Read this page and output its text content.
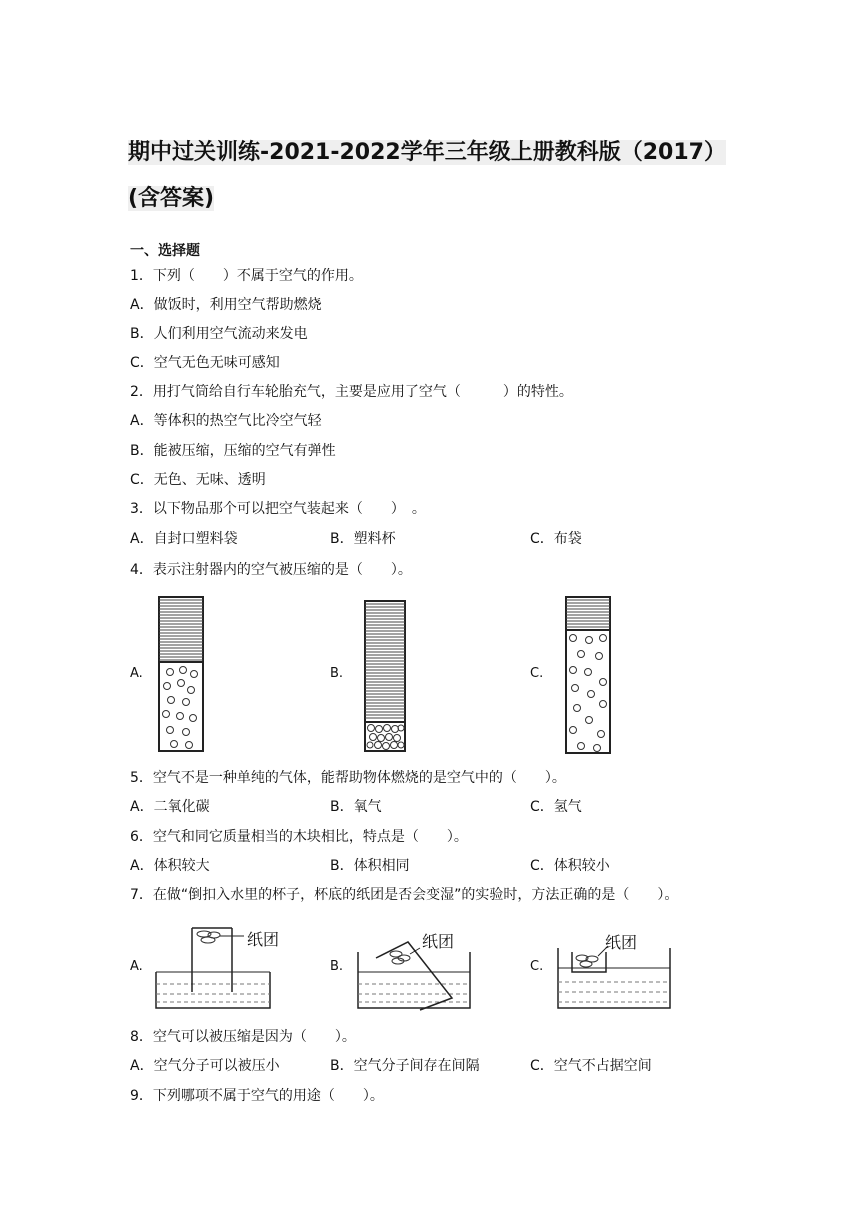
期中过关训练-2021-2022学年三年级上册教科版（2017）(含答案)
一、选择题
1．下列（　　）不属于空气的作用。
A．做饭时，利用空气帮助燃烧
B．人们利用空气流动来发电
C．空气无色无味可感知
2．用打气筒给自行车轮胎充气，主要是应用了空气（　　　）的特性。
A．等体积的热空气比冷空气轻
B．能被压缩，压缩的空气有弹性
C．无色、无味、透明
3．以下物品那个可以把空气装起来（　　）　。
A．自封口塑料袋	B．塑料杯	C．布袋
4．表示注射器内的空气被压缩的是（　　）。
A.	B.	C.
5．空气不是一种单纯的气体，能帮助物体燃烧的是空气中的（　　）。
A．二氧化碳	B．氧气	C．氢气
6．空气和同它质量相当的木块相比，特点是（　　）。
A．体积较大	B．体积相同	C．体积较小
7．在做“倒扣入水里的杯子，杯底的纸团是否会变湿”的实验时，方法正确的是（　　）。
A.	B.	C.
纸团	纸团	纸团
8．空气可以被压缩是因为（　　）。
A．空气分子可以被压小	B．空气分子间存在间隔	C．空气不占据空间
9．下列哪项不属于空气的用途（　　）。
